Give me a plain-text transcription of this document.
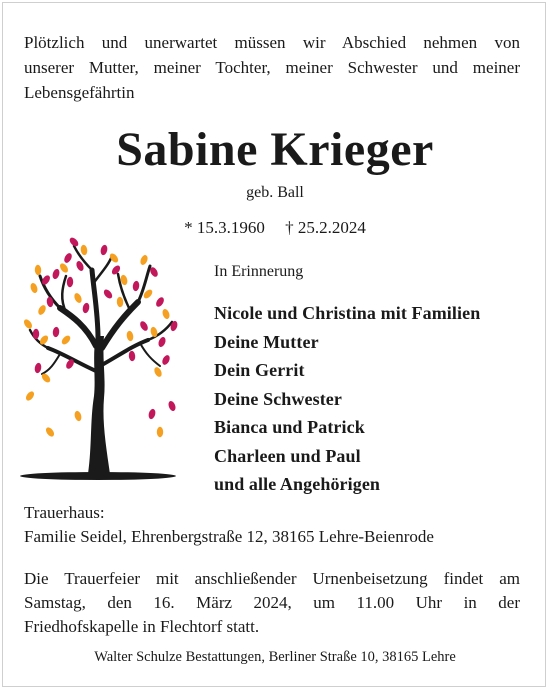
Plötzlich und unerwartet müssen wir Abschied nehmen von
unserer Mutter, meiner Tochter, meiner Schwester und meiner
Lebensgefährtin
Sabine Krieger
geb. Ball
* 15.3.1960 † 25.2.2024
In Erinnerung
Nicole und Christina mit Familien
Deine Mutter
Dein Gerrit
Deine Schwester
Bianca und Patrick
Charleen und Paul
und alle Angehörigen
Trauerhaus:
Familie Seidel, Ehrenbergstraße 12, 38165 Lehre-Beienrode
Die Trauerfeier mit anschließender Urnenbeisetzung findet am
Samstag, den 16. März 2024, um 11.00 Uhr in der
Friedhofskapelle in Flechtorf statt.
Walter Schulze Bestattungen, Berliner Straße 10, 38165 Lehre
